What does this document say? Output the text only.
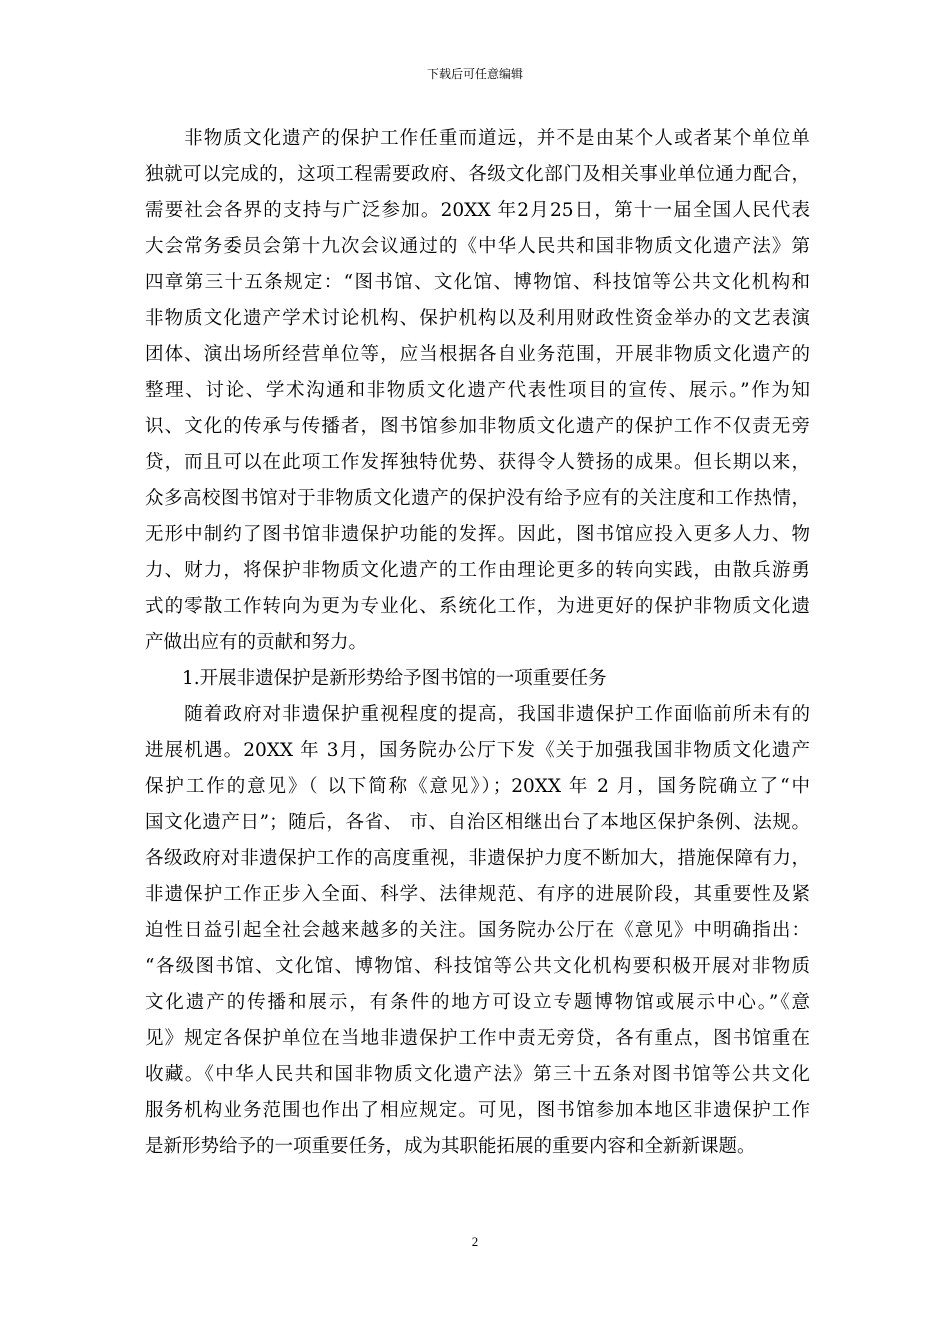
下载后可任意编辑
　　非物质文化遗产的保护工作任重而道远，并不是由某个人或者某个单位单
独就可以完成的，这项工程需要政府、各级文化部门及相关事业单位通力配合，
需要社会各界的支持与广泛参加。20XX 年2月25日，第十一届全国人民代表
大会常务委员会第十九次会议通过的《中华人民共和国非物质文化遗产法》第
四章第三十五条规定：“图书馆、文化馆、博物馆、科技馆等公共文化机构和
非物质文化遗产学术讨论机构、保护机构以及利用财政性资金举办的文艺表演
团体、演出场所经营单位等，应当根据各自业务范围，开展非物质文化遗产的
整理、讨论、学术沟通和非物质文化遗产代表性项目的宣传、展示。”作为知
识、文化的传承与传播者，图书馆参加非物质文化遗产的保护工作不仅责无旁
贷，而且可以在此项工作发挥独特优势、获得令人赞扬的成果。但长期以来，
众多高校图书馆对于非物质文化遗产的保护没有给予应有的关注度和工作热情，
无形中制约了图书馆非遗保护功能的发挥。因此，图书馆应投入更多人力、物
力、财力，将保护非物质文化遗产的工作由理论更多的转向实践，由散兵游勇
式的零散工作转向为更为专业化、系统化工作，为进更好的保护非物质文化遗
产做出应有的贡献和努力。
　　1.开展非遗保护是新形势给予图书馆的一项重要任务
　　随着政府对非遗保护重视程度的提高，我国非遗保护工作面临前所未有的
进展机遇。20XX 年 3月，国务院办公厅下发《关于加强我国非物质文化遗产
保护工作的意见》（ 以下简称《意见》）；20XX 年 2 月，国务院确立了“中
国文化遗产日”；随后，各省、 市、自治区相继出台了本地区保护条例、法规。
各级政府对非遗保护工作的高度重视，非遗保护力度不断加大，措施保障有力，
非遗保护工作正步入全面、科学、法律规范、有序的进展阶段，其重要性及紧
迫性日益引起全社会越来越多的关注。国务院办公厅在《意见》中明确指出：
“各级图书馆、文化馆、博物馆、科技馆等公共文化机构要积极开展对非物质
文化遗产的传播和展示，有条件的地方可设立专题博物馆或展示中心。”《意
见》规定各保护单位在当地非遗保护工作中责无旁贷，各有重点，图书馆重在
收藏。《中华人民共和国非物质文化遗产法》第三十五条对图书馆等公共文化
服务机构业务范围也作出了相应规定。可见，图书馆参加本地区非遗保护工作
是新形势给予的一项重要任务，成为其职能拓展的重要内容和全新新课题。
2
